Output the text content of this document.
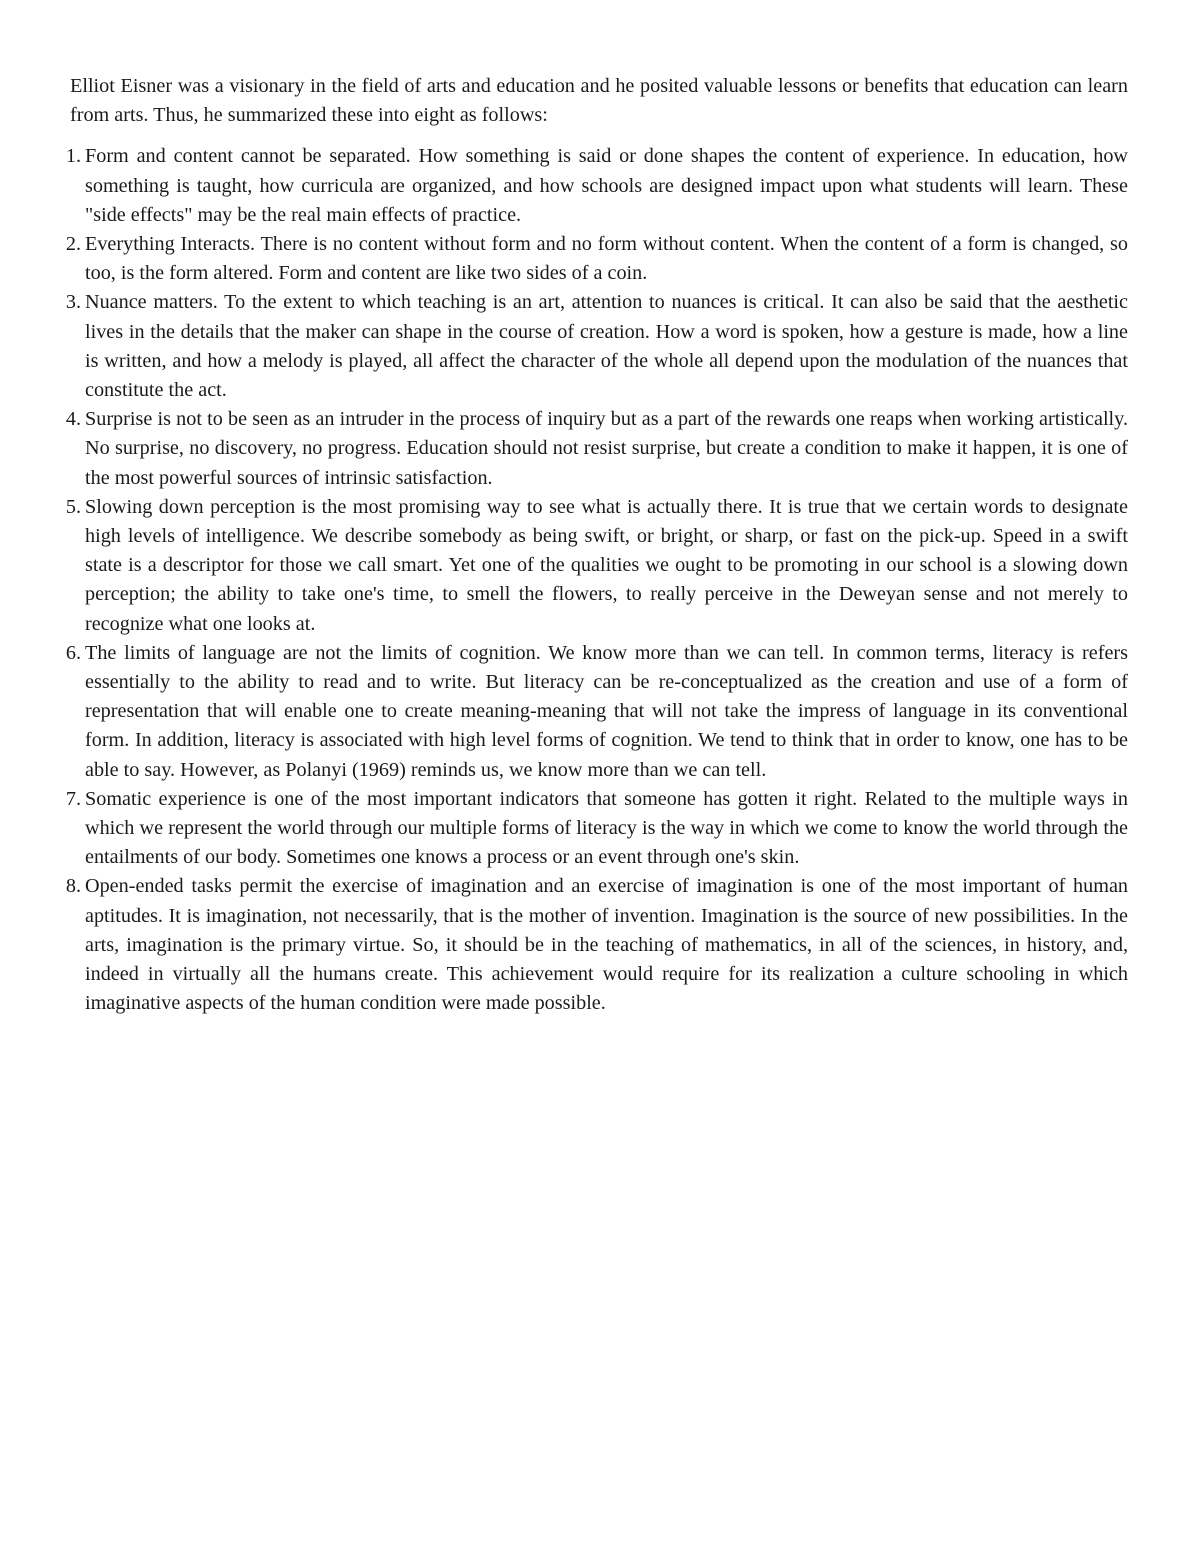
Elliot Eisner was a visionary in the field of arts and education and he posited valuable lessons or benefits that education can learn from arts. Thus, he summarized these into eight as follows:

1. Form and content cannot be separated. How something is said or done shapes the content of experience. In education, how something is taught, how curricula are organized, and how schools are designed impact upon what students will learn. These "side effects" may be the real main effects of practice.
2. Everything Interacts. There is no content without form and no form without content. When the content of a form is changed, so too, is the form altered. Form and content are like two sides of a coin.
3. Nuance matters. To the extent to which teaching is an art, attention to nuances is critical. It can also be said that the aesthetic lives in the details that the maker can shape in the course of creation. How a word is spoken, how a gesture is made, how a line is written, and how a melody is played, all affect the character of the whole all depend upon the modulation of the nuances that constitute the act.
4. Surprise is not to be seen as an intruder in the process of inquiry but as a part of the rewards one reaps when working artistically. No surprise, no discovery, no progress. Education should not resist surprise, but create a condition to make it happen, it is one of the most powerful sources of intrinsic satisfaction.
5. Slowing down perception is the most promising way to see what is actually there. It is true that we certain words to designate high levels of intelligence. We describe somebody as being swift, or bright, or sharp, or fast on the pick-up. Speed in a swift state is a descriptor for those we call smart. Yet one of the qualities we ought to be promoting in our school is a slowing down perception; the ability to take one's time, to smell the flowers, to really perceive in the Deweyan sense and not merely to recognize what one looks at.
6. The limits of language are not the limits of cognition. We know more than we can tell. In common terms, literacy is refers essentially to the ability to read and to write. But literacy can be re-conceptualized as the creation and use of a form of representation that will enable one to create meaning-meaning that will not take the impress of language in its conventional form. In addition, literacy is associated with high level forms of cognition. We tend to think that in order to know, one has to be able to say. However, as Polanyi (1969) reminds us, we know more than we can tell.
7. Somatic experience is one of the most important indicators that someone has gotten it right. Related to the multiple ways in which we represent the world through our multiple forms of literacy is the way in which we come to know the world through the entailments of our body. Sometimes one knows a process or an event through one's skin.
8. Open-ended tasks permit the exercise of imagination and an exercise of imagination is one of the most important of human aptitudes. It is imagination, not necessarily, that is the mother of invention. Imagination is the source of new possibilities. In the arts, imagination is the primary virtue. So, it should be in the teaching of mathematics, in all of the sciences, in history, and, indeed in virtually all the humans create. This achievement would require for its realization a culture schooling in which imaginative aspects of the human condition were made possible.
